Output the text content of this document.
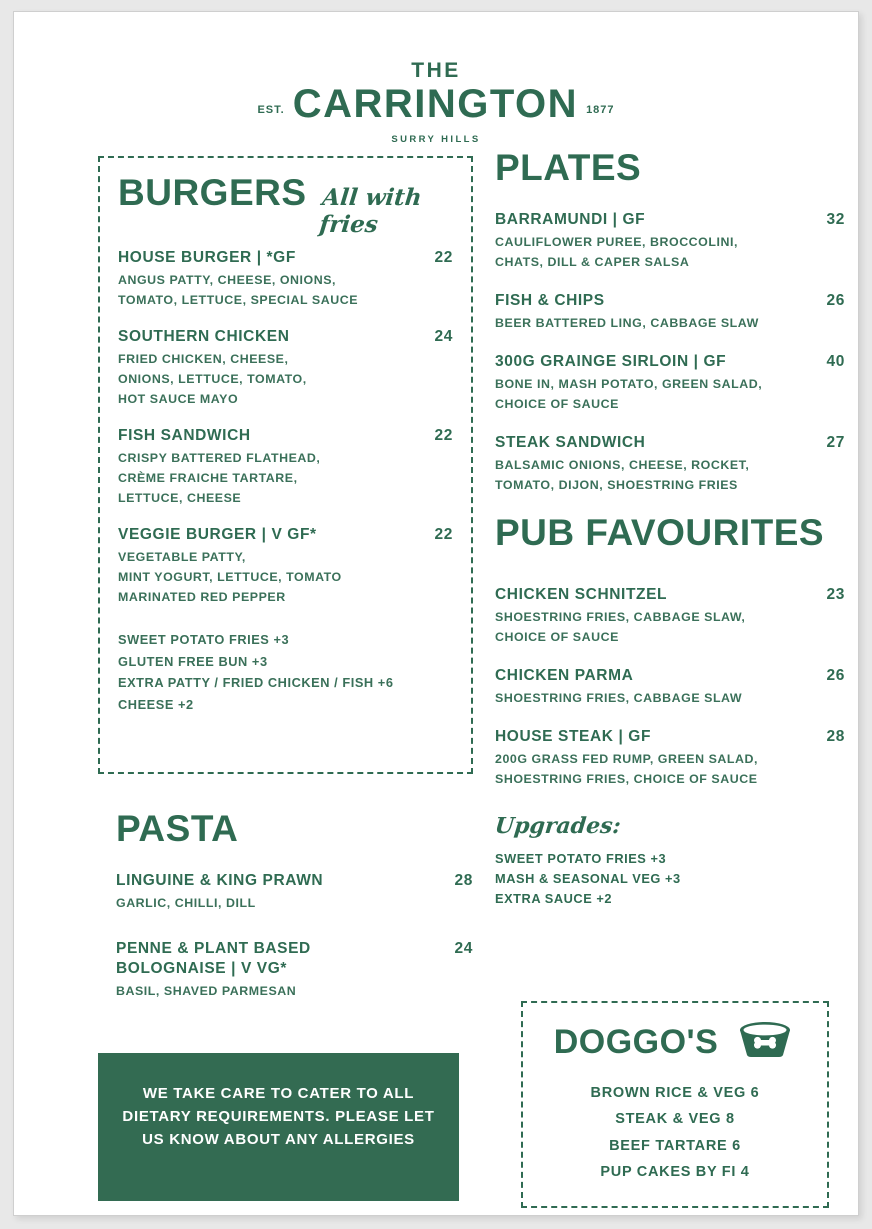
THE
EST. CARRINGTON 1877
SURRY HILLS
BURGERS All with fries
HOUSE BURGER | *GF	22
ANGUS PATTY, CHEESE, ONIONS,
TOMATO, LETTUCE, SPECIAL SAUCE
SOUTHERN CHICKEN	24
FRIED CHICKEN, CHEESE,
ONIONS, LETTUCE, TOMATO,
HOT SAUCE MAYO
FISH SANDWICH	22
CRISPY BATTERED FLATHEAD,
CRÈME FRAICHE TARTARE,
LETTUCE, CHEESE
VEGGIE BURGER | V GF*	22
VEGETABLE PATTY,
MINT YOGURT, LETTUCE, TOMATO
MARINATED RED PEPPER
SWEET POTATO FRIES +3
GLUTEN FREE BUN +3
EXTRA PATTY / FRIED CHICKEN / FISH +6
CHEESE +2
PASTA
LINGUINE & KING PRAWN	28
GARLIC, CHILLI, DILL
PENNE & PLANT BASED
BOLOGNAISE | V VG*
24
BASIL, SHAVED PARMESAN
PLATES
BARRAMUNDI | GF	32
CAULIFLOWER PUREE, BROCCOLINI,
CHATS, DILL & CAPER SALSA
FISH & CHIPS	26
BEER BATTERED LING, CABBAGE SLAW
300G GRAINGE SIRLOIN | GF	40
BONE IN, MASH POTATO, GREEN SALAD,
CHOICE OF SAUCE
STEAK SANDWICH	27
BALSAMIC ONIONS, CHEESE, ROCKET,
TOMATO, DIJON, SHOESTRING FRIES
PUB FAVOURITES
CHICKEN SCHNITZEL	23
SHOESTRING FRIES, CABBAGE SLAW,
CHOICE OF SAUCE
CHICKEN PARMA	26
SHOESTRING FRIES, CABBAGE SLAW
HOUSE STEAK | GF	28
200G GRASS FED RUMP, GREEN SALAD,
SHOESTRING FRIES, CHOICE OF SAUCE
Upgrades:
SWEET POTATO FRIES +3
MASH & SEASONAL VEG +3
EXTRA SAUCE +2
DOGGO'S
BROWN RICE & VEG 6
STEAK & VEG 8
BEEF TARTARE 6
PUP CAKES BY FI 4
WE TAKE CARE TO CATER TO ALL DIETARY REQUIREMENTS. PLEASE LET US KNOW ABOUT ANY ALLERGIES
